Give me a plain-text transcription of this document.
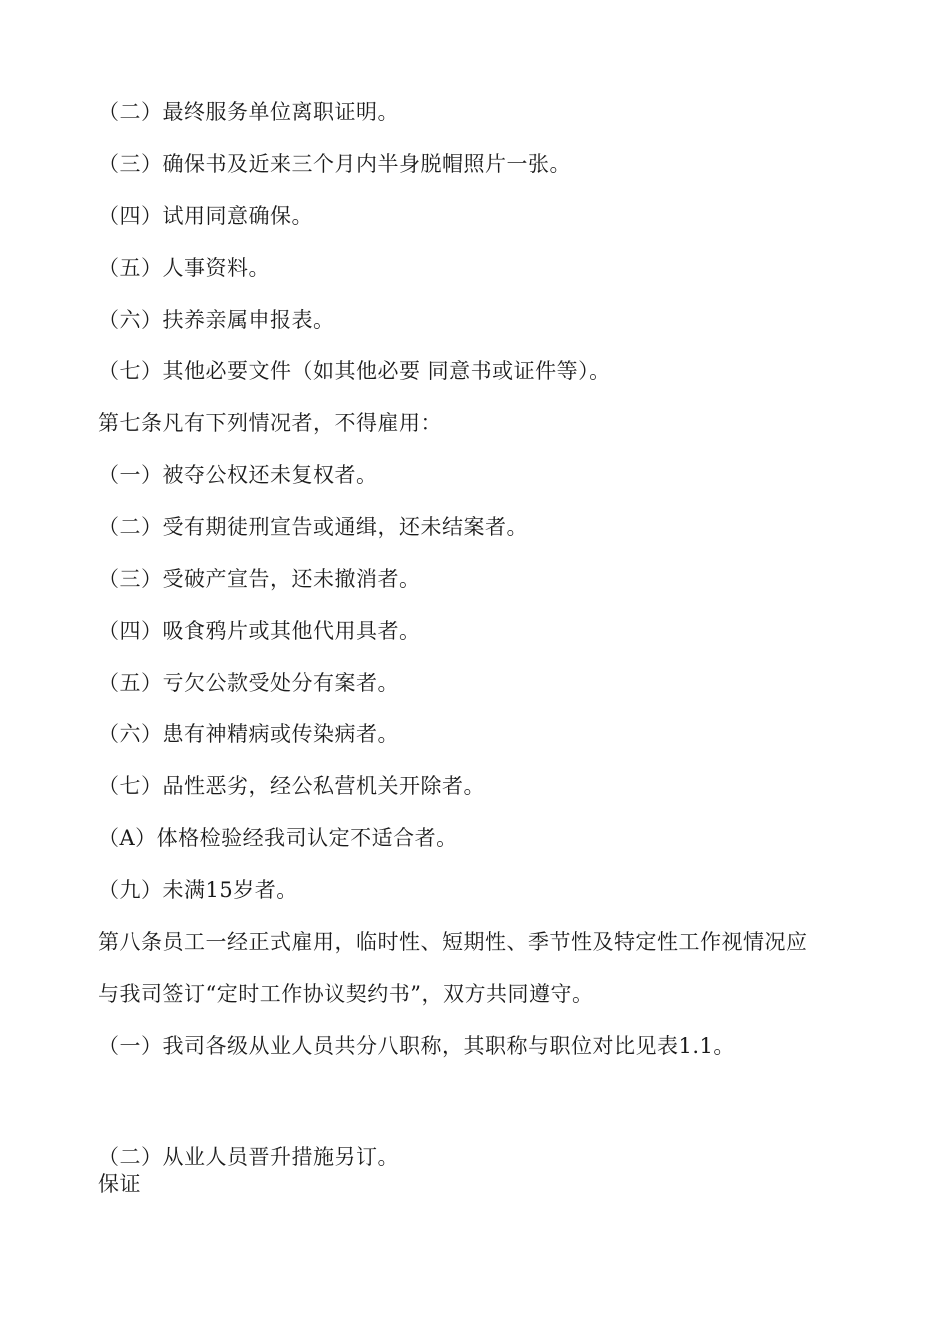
（二）最终服务单位离职证明。
（三）确保书及近来三个月内半身脱帽照片一张。
（四）试用同意确保。
（五）人事资料。
（六）扶养亲属申报表。
（七）其他必要文件（如其他必要 同意书或证件等）。
第七条凡有下列情况者，不得雇用：
（一）被夺公权还未复权者。
（二）受有期徒刑宣告或通缉，还未结案者。
（三）受破产宣告，还未撤消者。
（四）吸食鸦片或其他代用具者。
（五）亏欠公款受处分有案者。
（六）患有神精病或传染病者。
（七）品性恶劣，经公私营机关开除者。
（A）体格检验经我司认定不适合者。
（九）未满15岁者。
第八条员工一经正式雇用，临时性、短期性、季节性及特定性工作视情况应
与我司签订“定时工作协议契约书”，双方共同遵守。
（一）我司各级从业人员共分八职称，其职称与职位对比见表1.1。
（二）从业人员晋升措施另订。
保证
